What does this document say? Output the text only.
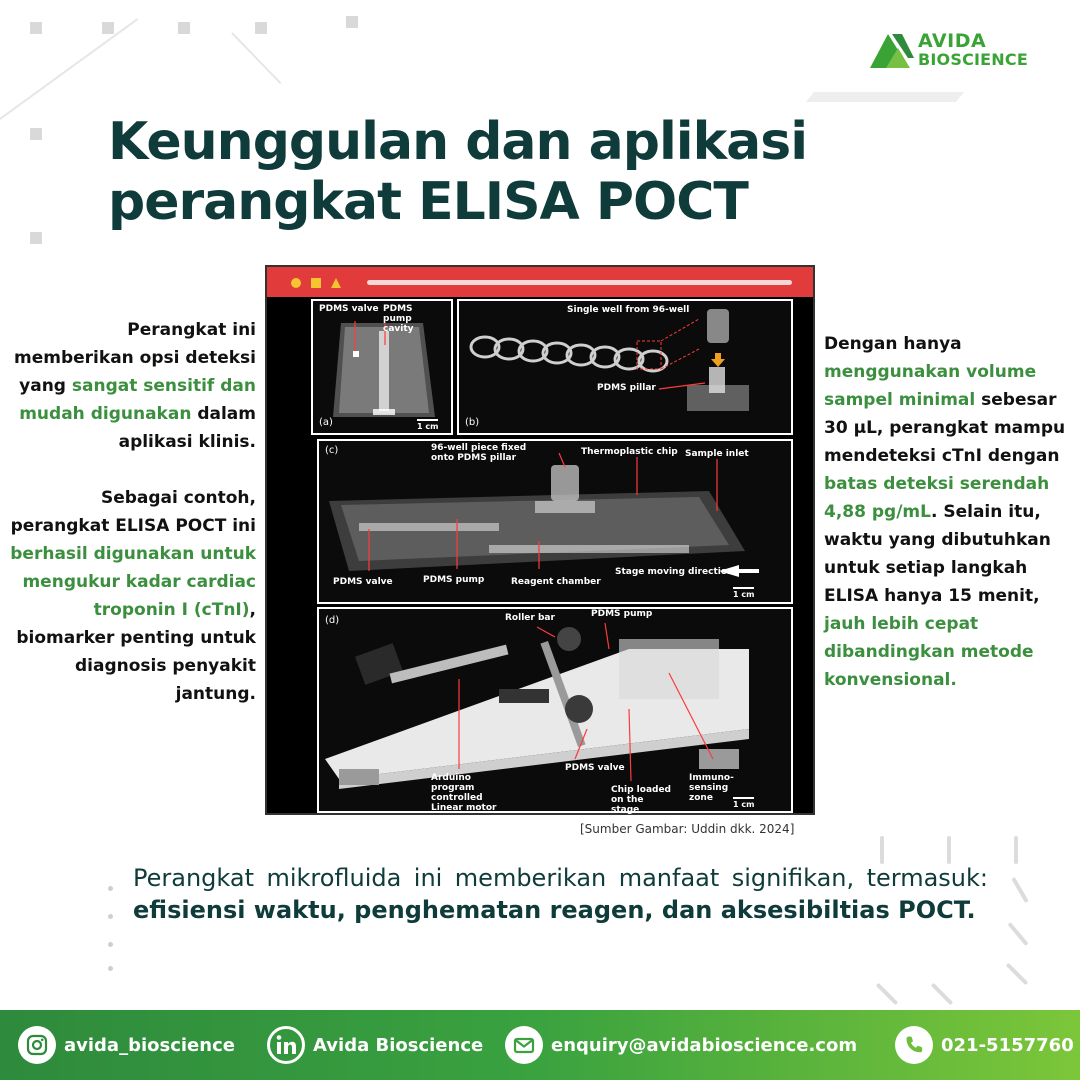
AVIDA
BIOSCIENCE
Keunggulan dan aplikasi
perangkat ELISA POCT
PDMS valve PDMS pump cavity
(a)	1 cm
Single well from 96-well
PDMS pillar
(b)
(c)	96-well piece fixed onto PDMS pillar
Thermoplastic chip Sample inlet
PDMS valve	PDMS pump	Reagent chamber
Stage moving direction
1 cm
(d)	Roller bar	PDMS pump
PDMS valve
Chip loaded on the stage
Immuno-sensing zone
Arduino program controlled Linear motor	1 cm
[Sumber Gambar: Uddin dkk. 2024]

Perangkat ini memberikan opsi deteksi yang sangat sensitif dan mudah digunakan dalam aplikasi klinis.

Sebagai contoh, perangkat ELISA POCT ini berhasil digunakan untuk mengukur kadar cardiac troponin I (cTnI), biomarker penting untuk diagnosis penyakit jantung.

Dengan hanya menggunakan volume sampel minimal sebesar 30 µL, perangkat mampu mendeteksi cTnI dengan batas deteksi serendah 4,88 pg/mL. Selain itu, waktu yang dibutuhkan untuk setiap langkah ELISA hanya 15 menit, jauh lebih cepat dibandingkan metode konvensional.

Perangkat mikrofluida ini memberikan manfaat signifikan, termasuk: efisiensi waktu, penghematan reagen, dan aksesibiltias POCT.
avida_bioscience	Avida Bioscience	enquiry@avidabioscience.com	021-5157760
